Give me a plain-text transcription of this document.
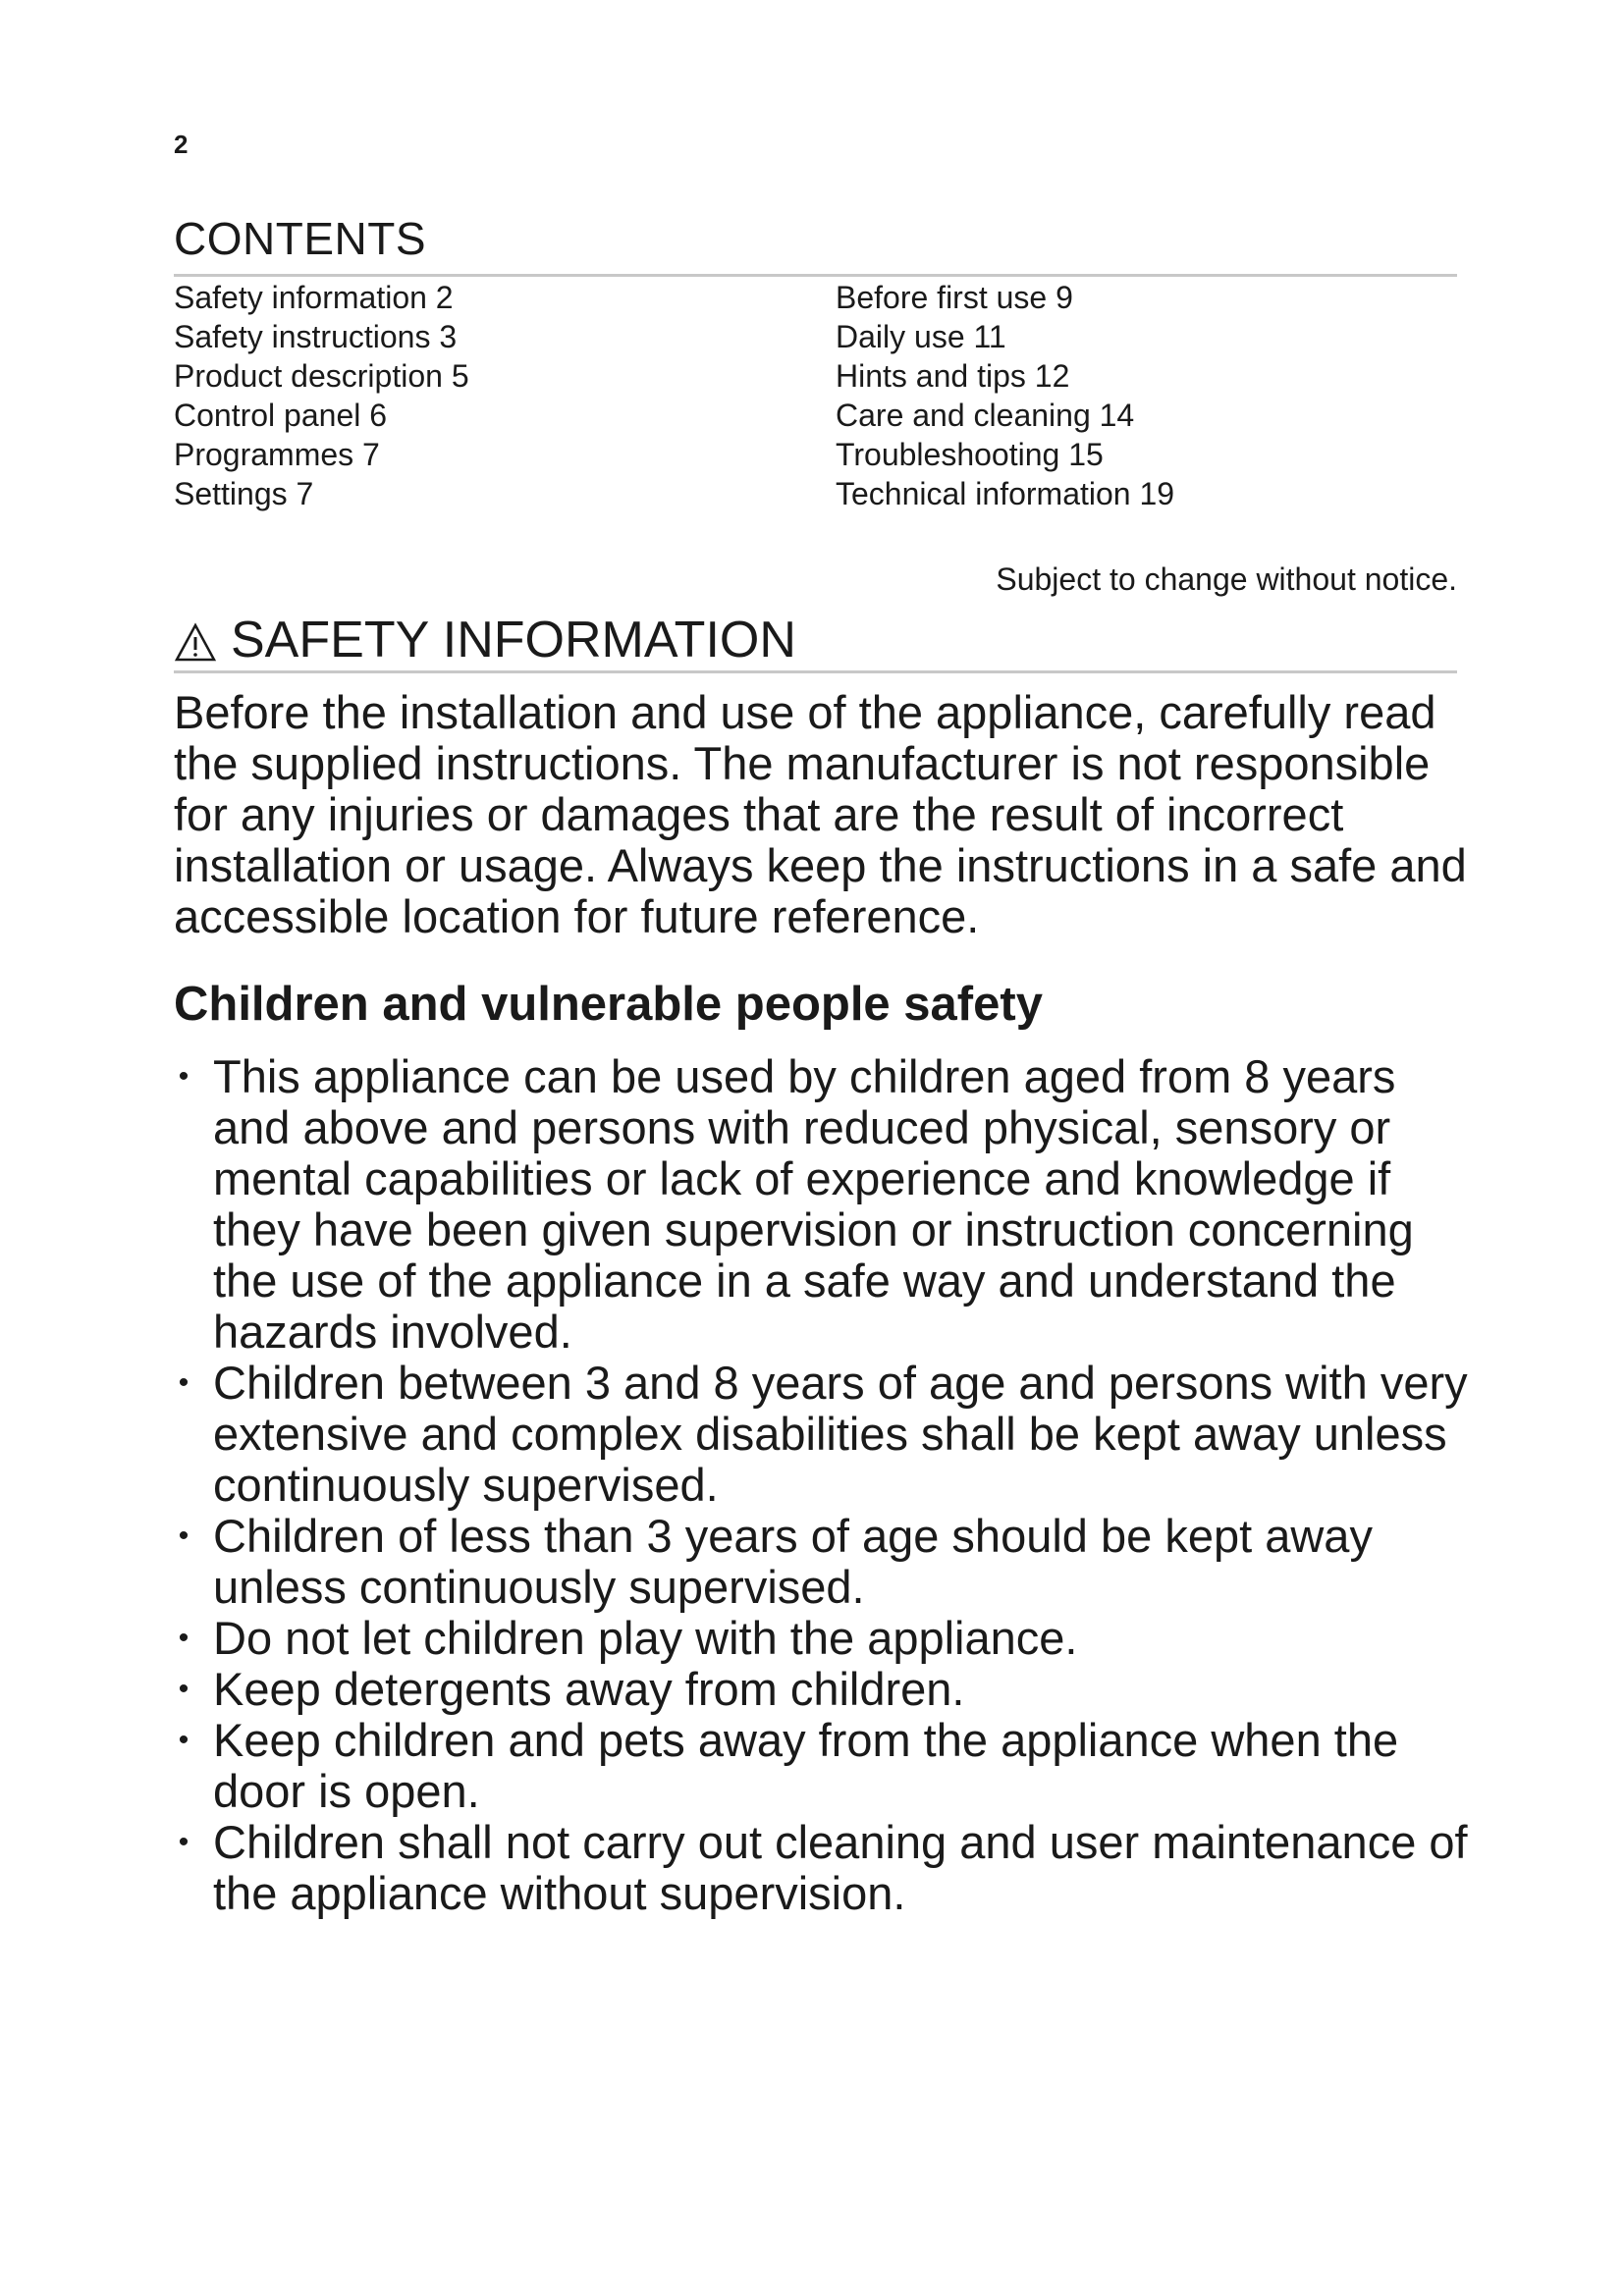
2
CONTENTS
Safety information 2
Safety instructions 3
Product description 5
Control panel 6
Programmes 7
Settings 7
Before first use 9
Daily use 11
Hints and tips 12
Care and cleaning 14
Troubleshooting 15
Technical information 19
Subject to change without notice.
SAFETY INFORMATION

Before the installation and use of the appliance, carefully read the supplied instructions. The manufacturer is not responsible for any injuries or damages that are the result of incorrect installation or usage. Always keep the instructions in a safe and accessible location for future reference.

Children and vulnerable people safety
• This appliance can be used by children aged from 8 years and above and persons with reduced physical, sensory or mental capabilities or lack of experience and knowledge if they have been given supervision or instruction concerning the use of the appliance in a safe way and understand the hazards involved.
• Children between 3 and 8 years of age and persons with very extensive and complex disabilities shall be kept away unless continuously supervised.
• Children of less than 3 years of age should be kept away unless continuously supervised.
• Do not let children play with the appliance.
• Keep detergents away from children.
• Keep children and pets away from the appliance when the door is open.
• Children shall not carry out cleaning and user maintenance of the appliance without supervision.
